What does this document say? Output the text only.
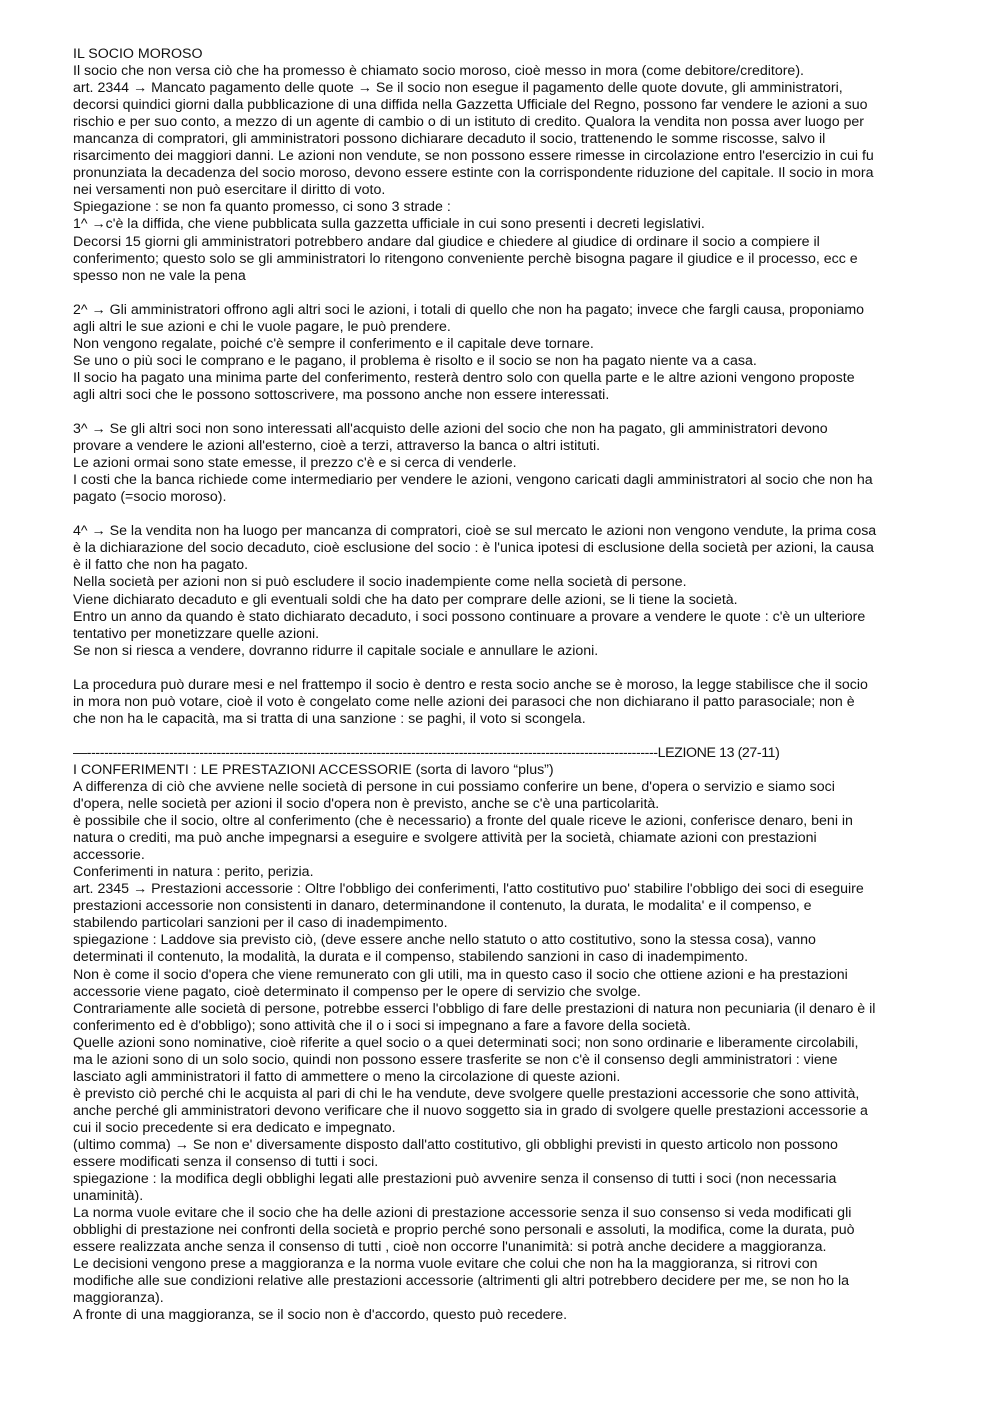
IL SOCIO MOROSO
Il socio che non versa ciò che ha promesso è chiamato socio moroso, cioè messo in mora (come debitore/creditore).
art. 2344 → Mancato pagamento delle quote → Se il socio non esegue il pagamento delle quote dovute, gli amministratori,
decorsi quindici giorni dalla pubblicazione di una diffida nella Gazzetta Ufficiale del Regno, possono far vendere le azioni a suo
rischio e per suo conto, a mezzo di un agente di cambio o di un istituto di credito. Qualora la vendita non possa aver luogo per
mancanza di compratori, gli amministratori possono dichiarare decaduto il socio, trattenendo le somme riscosse, salvo il
risarcimento dei maggiori danni. Le azioni non vendute, se non possono essere rimesse in circolazione entro l'esercizio in cui fu
pronunziata la decadenza del socio moroso, devono essere estinte con la corrispondente riduzione del capitale. Il socio in mora
nei versamenti non può esercitare il diritto di voto.
Spiegazione : se non fa quanto promesso, ci sono 3 strade :
1^ →c'è la diffida, che viene pubblicata sulla gazzetta ufficiale in cui sono presenti i decreti legislativi.
Decorsi 15 giorni gli amministratori potrebbero andare dal giudice e chiedere al giudice di ordinare il socio a compiere il
conferimento; questo solo se gli amministratori lo ritengono conveniente perchè bisogna pagare il giudice e il processo, ecc e
spesso non ne vale la pena
2^ → Gli amministratori offrono agli altri soci le azioni, i totali di quello che non ha pagato; invece che fargli causa, proponiamo
agli altri le sue azioni e chi le vuole pagare, le può prendere.
Non vengono regalate, poiché c'è sempre il conferimento e il capitale deve tornare.
Se uno o più soci le comprano e le pagano, il problema è risolto e il socio se non ha pagato niente va a casa.
Il socio ha pagato una minima parte del conferimento, resterà dentro solo con quella parte e le altre azioni vengono proposte
agli altri soci che le possono sottoscrivere, ma possono anche non essere interessati.
3^ → Se gli altri soci non sono interessati all'acquisto delle azioni del socio che non ha pagato, gli amministratori devono
provare a vendere le azioni all'esterno, cioè a terzi, attraverso la banca o altri istituti.
Le azioni ormai sono state emesse, il prezzo c'è e si cerca di venderle.
I costi che la banca richiede come intermediario per vendere le azioni, vengono caricati dagli amministratori al socio che non ha
pagato (=socio moroso).
4^ → Se la vendita non ha luogo per mancanza di compratori, cioè se sul mercato le azioni non vengono vendute, la prima cosa
è la dichiarazione del socio decaduto, cioè esclusione del socio : è l'unica ipotesi di esclusione della società per azioni, la causa
è il fatto che non ha pagato.
Nella società per azioni non si può escludere il socio inadempiente come nella società di persone.
Viene dichiarato decaduto e gli eventuali soldi che ha dato per comprare delle azioni, se li tiene la società.
Entro un anno da quando è stato dichiarato decaduto, i soci possono continuare a provare a vendere le quote : c'è un ulteriore
tentativo per monetizzare quelle azioni.
Se non si riesca a vendere, dovranno ridurre il capitale sociale e annullare le azioni.
La procedura può durare mesi e nel frattempo il socio è dentro e resta socio anche se è moroso, la legge stabilisce che il socio
in mora non può votare, cioè il voto è congelato come nelle azioni dei parasoci che non dichiarano il patto parasociale; non è
che non ha le capacità, ma si tratta di una sanzione : se paghi, il voto si scongela.
—------------------------------------------------------------------------------------------------------------------------------------LEZIONE 13 (27-11)
I CONFERIMENTI : LE PRESTAZIONI ACCESSORIE (sorta di lavoro “plus”)
A differenza di ciò che avviene nelle società di persone in cui possiamo conferire un bene, d'opera o servizio e siamo soci
d'opera, nelle società per azioni il socio d'opera non è previsto, anche se c'è una particolarità.
è possibile che il socio, oltre al conferimento (che è necessario) a fronte del quale riceve le azioni, conferisce denaro, beni in
natura o crediti, ma può anche impegnarsi a eseguire e svolgere attività per la società, chiamate azioni con prestazioni
accessorie.
Conferimenti in natura : perito, perizia.
art. 2345 → Prestazioni accessorie : Oltre l'obbligo dei conferimenti, l'atto costitutivo puo' stabilire l'obbligo dei soci di eseguire
prestazioni accessorie non consistenti in danaro, determinandone il contenuto, la durata, le modalita' e il compenso, e
stabilendo particolari sanzioni per il caso di inadempimento.
spiegazione : Laddove sia previsto ciò, (deve essere anche nello statuto o atto costitutivo, sono la stessa cosa), vanno
determinati il contenuto, la modalità, la durata e il compenso, stabilendo sanzioni in caso di inadempimento.
Non è come il socio d'opera che viene remunerato con gli utili, ma in questo caso il socio che ottiene azioni e ha prestazioni
accessorie viene pagato, cioè determinato il compenso per le opere di servizio che svolge.
Contrariamente alle società di persone, potrebbe esserci l'obbligo di fare delle prestazioni di natura non pecuniaria (il denaro è il
conferimento ed è d'obbligo); sono attività che il o i soci si impegnano a fare a favore della società.
Quelle azioni sono nominative, cioè riferite a quel socio o a quei determinati soci; non sono ordinarie e liberamente circolabili,
ma le azioni sono di un solo socio, quindi non possono essere trasferite se non c'è il consenso degli amministratori : viene
lasciato agli amministratori il fatto di ammettere o meno la circolazione di queste azioni.
è previsto ciò perché chi le acquista al pari di chi le ha vendute, deve svolgere quelle prestazioni accessorie che sono attività,
anche perché gli amministratori devono verificare che il nuovo soggetto sia in grado di svolgere quelle prestazioni accessorie a
cui il socio precedente si era dedicato e impegnato.
(ultimo comma) → Se non e' diversamente disposto dall'atto costitutivo, gli obblighi previsti in questo articolo non possono
essere modificati senza il consenso di tutti i soci.
spiegazione : la modifica degli obblighi legati alle prestazioni può avvenire senza il consenso di tutti i soci (non necessaria
unaminità).
La norma vuole evitare che il socio che ha delle azioni di prestazione accessorie senza il suo consenso si veda modificati gli
obblighi di prestazione nei confronti della società e proprio perché sono personali e assoluti, la modifica, come la durata, può
essere realizzata anche senza il consenso di tutti , cioè non occorre l'unanimità: si potrà anche decidere a maggioranza.
Le decisioni vengono prese a maggioranza e la norma vuole evitare che colui che non ha la maggioranza, si ritrovi con
modifiche alle sue condizioni relative alle prestazioni accessorie (altrimenti gli altri potrebbero decidere per me, se non ho la
maggioranza).
A fronte di una maggioranza, se il socio non è d'accordo, questo può recedere.
